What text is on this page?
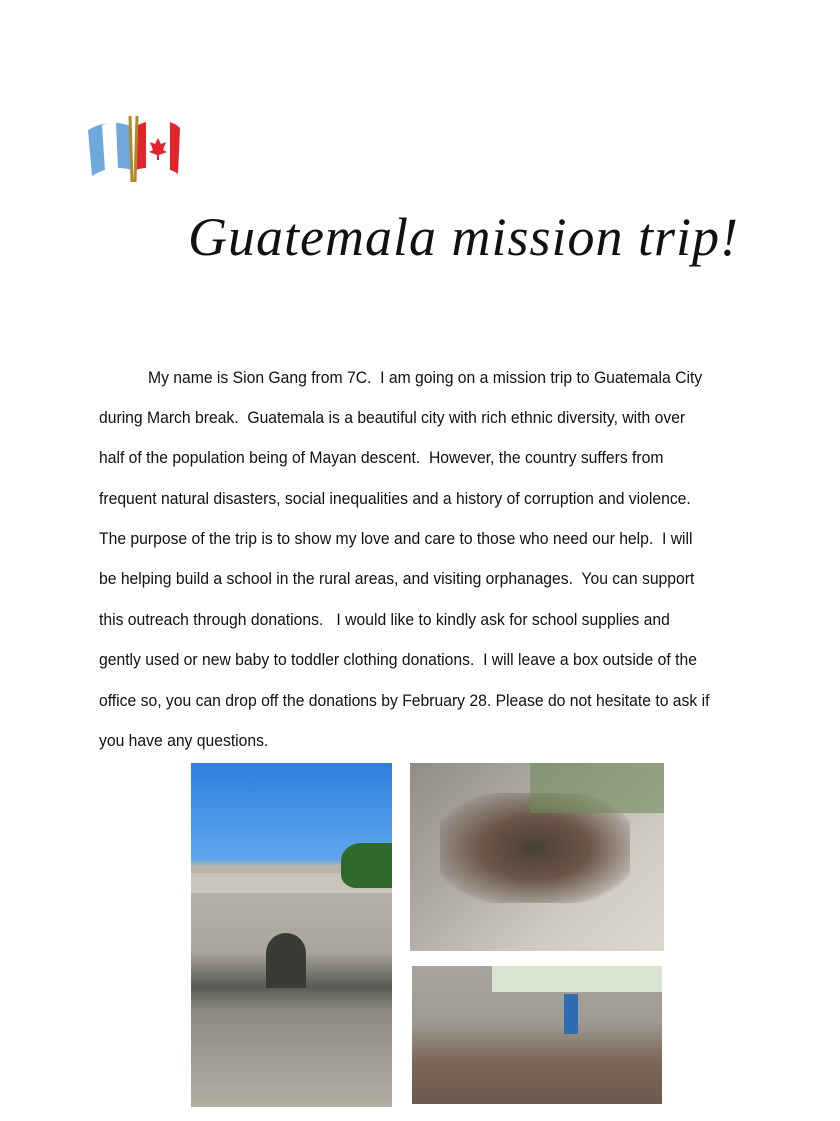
Guatemala mission trip!
My name is Sion Gang from 7C.  I am going on a mission trip to Guatemala City
during March break.  Guatemala is a beautiful city with rich ethnic diversity, with over
half of the population being of Mayan descent.  However, the country suffers from
frequent natural disasters, social inequalities and a history of corruption and violence.
The purpose of the trip is to show my love and care to those who need our help.  I will
be helping build a school in the rural areas, and visiting orphanages.  You can support
this outreach through donations.   I would like to kindly ask for school supplies and
gently used or new baby to toddler clothing donations.  I will leave a box outside of the
office so, you can drop off the donations by February 28. Please do not hesitate to ask if
you have any questions.
